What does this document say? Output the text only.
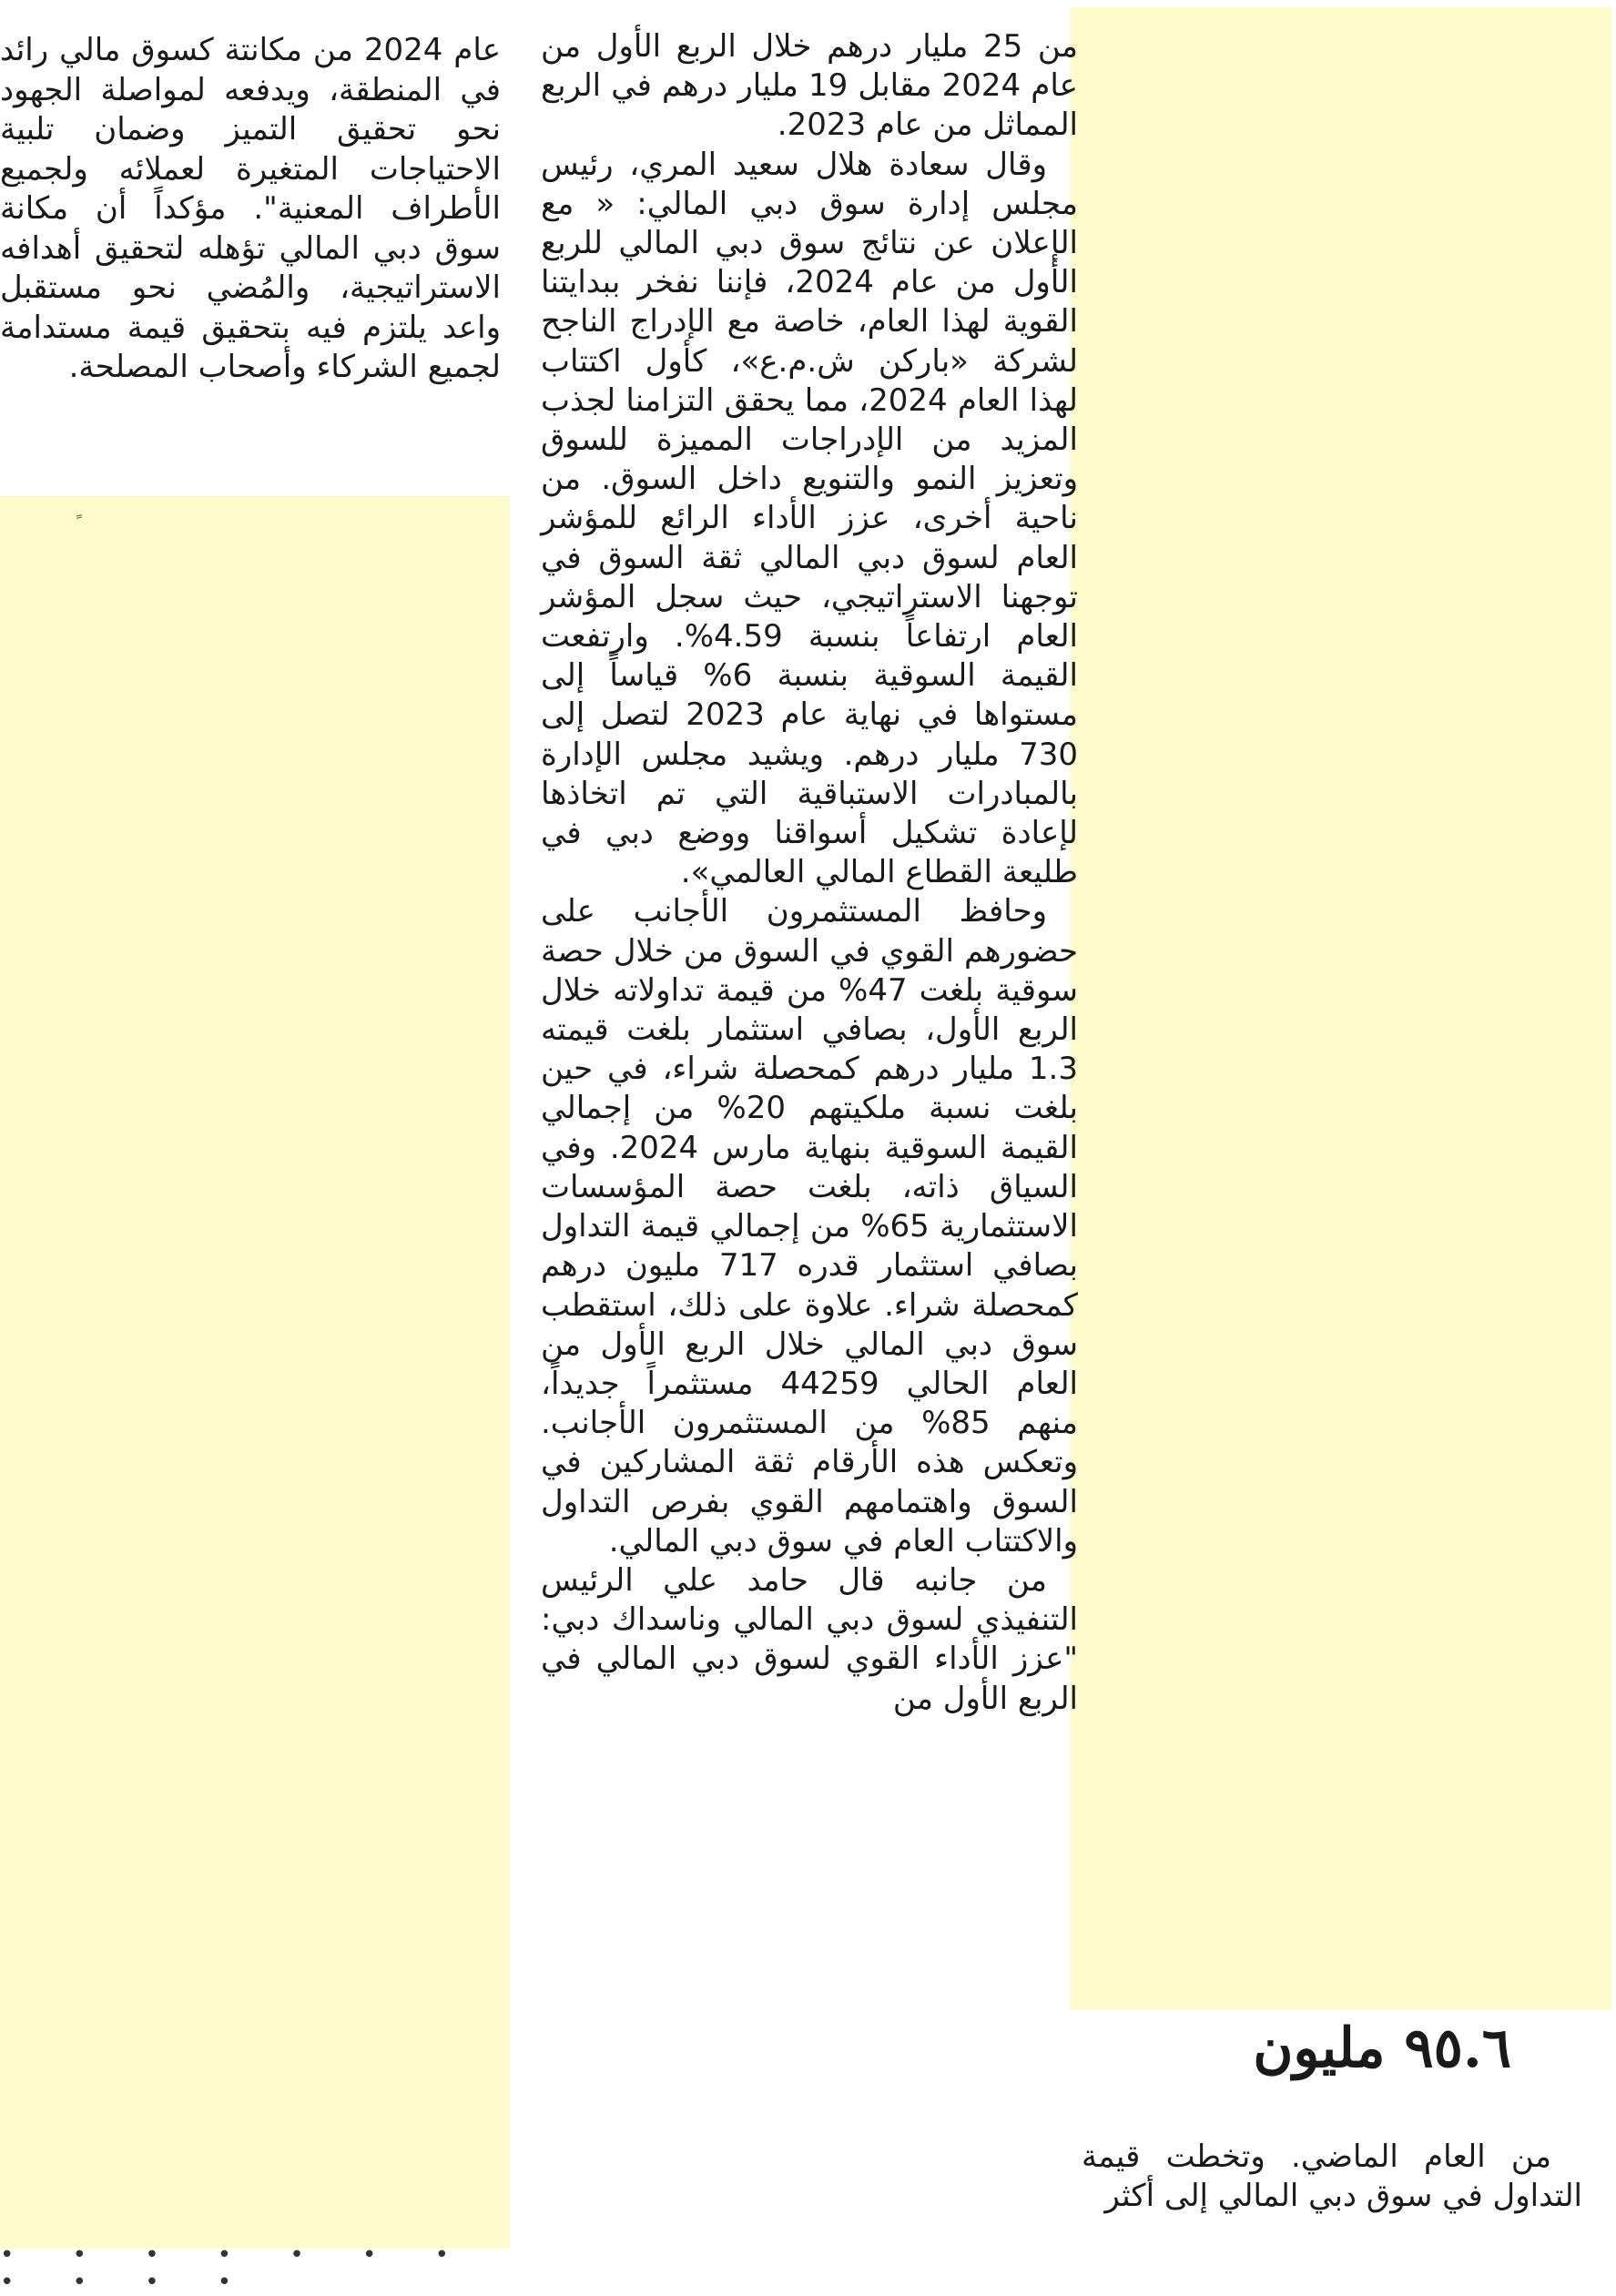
من 25 مليار درهم خلال الربع الأول من عام 2024 مقابل 19 مليار درهم في الربع المماثل من عام 2023.

وقال سعادة هلال سعيد المري، رئيس مجلس إدارة سوق دبي المالي: « مع الإعلان عن نتائج سوق دبي المالي للربع الأول من عام 2024، فإننا نفخر ببدايتنا القوية لهذا العام، خاصة مع الإدراج الناجح لشركة «باركن ش.م.ع»، كأول اكتتاب لهذا العام 2024، مما يحقق التزامنا لجذب المزيد من الإدراجات المميزة للسوق وتعزيز النمو والتنويع داخل السوق. من ناحية أخرى، عزز الأداء الرائع للمؤشر العام لسوق دبي المالي ثقة السوق في توجهنا الاستراتيجي، حيث سجل المؤشر العام ارتفاعاً بنسبة 4.59%. وارتفعت القيمة السوقية بنسبة 6% قياساً إلى مستواها في نهاية عام 2023 لتصل إلى 730 مليار درهم. ويشيد مجلس الإدارة بالمبادرات الاستباقية التي تم اتخاذها لإعادة تشكيل أسواقنا ووضع دبي في طليعة القطاع المالي العالمي».

وحافظ المستثمرون الأجانب على حضورهم القوي في السوق من خلال حصة سوقية بلغت 47% من قيمة تداولاته خلال الربع الأول، بصافي استثمار بلغت قيمته 1.3 مليار درهم كمحصلة شراء، في حين بلغت نسبة ملكيتهم 20% من إجمالي القيمة السوقية بنهاية مارس 2024. وفي السياق ذاته، بلغت حصة المؤسسات الاستثمارية 65% من إجمالي قيمة التداول بصافي استثمار قدره 717 مليون درهم كمحصلة شراء. علاوة على ذلك، استقطب سوق دبي المالي خلال الربع الأول من العام الحالي 44259 مستثمراً جديداً، منهم 85% من المستثمرون الأجانب. وتعكس هذه الأرقام ثقة المشاركين في السوق واهتمامهم القوي بفرص التداول والاكتتاب العام في سوق دبي المالي.

من جانبه قال حامد علي الرئيس التنفيذي لسوق دبي المالي وناسداك دبي: "عزز الأداء القوي لسوق دبي المالي في الربع الأول من

عام 2024 من مكانتة كسوق مالي رائد في المنطقة، ويدفعه لمواصلة الجهود نحو تحقيق التميز وضمان تلبية الاحتياجات المتغيرة لعملائه ولجميع الأطراف المعنية". مؤكداً أن مكانة سوق دبي المالي تؤهله لتحقيق أهدافه الاستراتيجية، والمُضي نحو مستقبل واعد يلتزم فيه بتحقيق قيمة مستدامة لجميع الشركاء وأصحاب المصلحة.

٩٥.٦ مليون

من العام الماضي. وتخطت قيمة التداول في سوق دبي المالي إلى أكثر

• • • • • • • • • • •
